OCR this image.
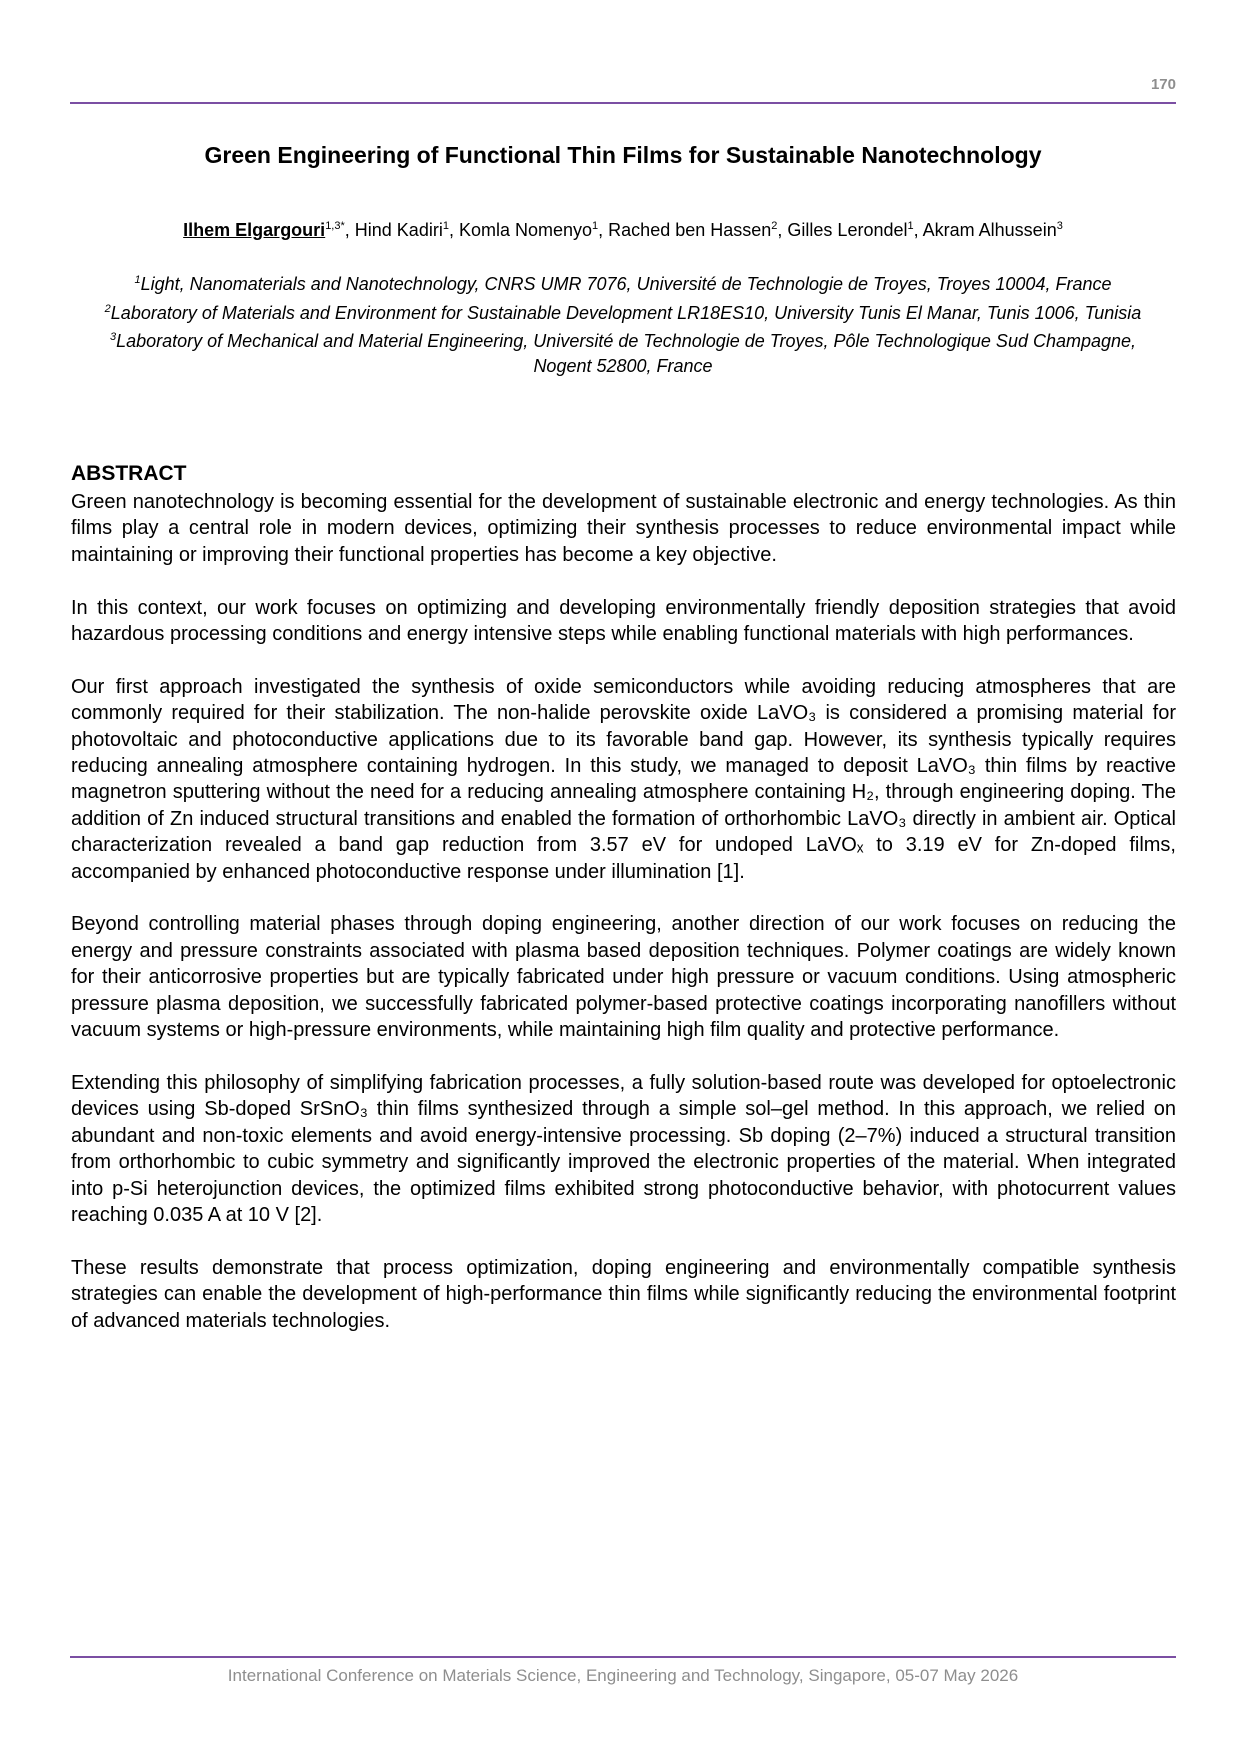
170
Green Engineering of Functional Thin Films for Sustainable Nanotechnology
Ilhem Elgargouri$^{1,3*}$, Hind Kadiri$^1$, Komla Nomenyo$^1$, Rached ben Hassen$^2$, Gilles Lerondel$^1$, Akram Alhussein$^3$

$^1$Light, Nanomaterials and Nanotechnology, CNRS UMR 7076, Université de Technologie de Troyes, Troyes 10004, France

$^2$Laboratory of Materials and Environment for Sustainable Development LR18ES10, University Tunis El Manar, Tunis 1006, Tunisia

$^3$Laboratory of Mechanical and Material Engineering, Université de Technologie de Troyes, Pôle Technologique Sud Champagne, Nogent 52800, France

ABSTRACT

Green nanotechnology is becoming essential for the development of sustainable electronic and energy technologies. As thin films play a central role in modern devices, optimizing their synthesis processes to reduce environmental impact while maintaining or improving their functional properties has become a key objective.

In this context, our work focuses on optimizing and developing environmentally friendly deposition strategies that avoid hazardous processing conditions and energy intensive steps while enabling functional materials with high performances.

Our first approach investigated the synthesis of oxide semiconductors while avoiding reducing atmospheres that are commonly required for their stabilization. The non-halide perovskite oxide LaVO₃ is considered a promising material for photovoltaic and photoconductive applications due to its favorable band gap. However, its synthesis typically requires reducing annealing atmosphere containing hydrogen. In this study, we managed to deposit LaVO₃ thin films by reactive magnetron sputtering without the need for a reducing annealing atmosphere containing H₂, through engineering doping. The addition of Zn induced structural transitions and enabled the formation of orthorhombic LaVO₃ directly in ambient air. Optical characterization revealed a band gap reduction from 3.57 eV for undoped LaVOₓ to 3.19 eV for Zn-doped films, accompanied by enhanced photoconductive response under illumination [1].

Beyond controlling material phases through doping engineering, another direction of our work focuses on reducing the energy and pressure constraints associated with plasma based deposition techniques. Polymer coatings are widely known for their anticorrosive properties but are typically fabricated under high pressure or vacuum conditions. Using atmospheric pressure plasma deposition, we successfully fabricated polymer-based protective coatings incorporating nanofillers without vacuum systems or high-pressure environments, while maintaining high film quality and protective performance.

Extending this philosophy of simplifying fabrication processes, a fully solution-based route was developed for optoelectronic devices using Sb-doped SrSnO₃ thin films synthesized through a simple sol–gel method. In this approach, we relied on abundant and non-toxic elements and avoid energy-intensive processing. Sb doping (2–7%) induced a structural transition from orthorhombic to cubic symmetry and significantly improved the electronic properties of the material. When integrated into p-Si heterojunction devices, the optimized films exhibited strong photoconductive behavior, with photocurrent values reaching 0.035 A at 10 V [2].

These results demonstrate that process optimization, doping engineering and environmentally compatible synthesis strategies can enable the development of high-performance thin films while significantly reducing the environmental footprint of advanced materials technologies.

International Conference on Materials Science, Engineering and Technology, Singapore, 05-07 May 2026
